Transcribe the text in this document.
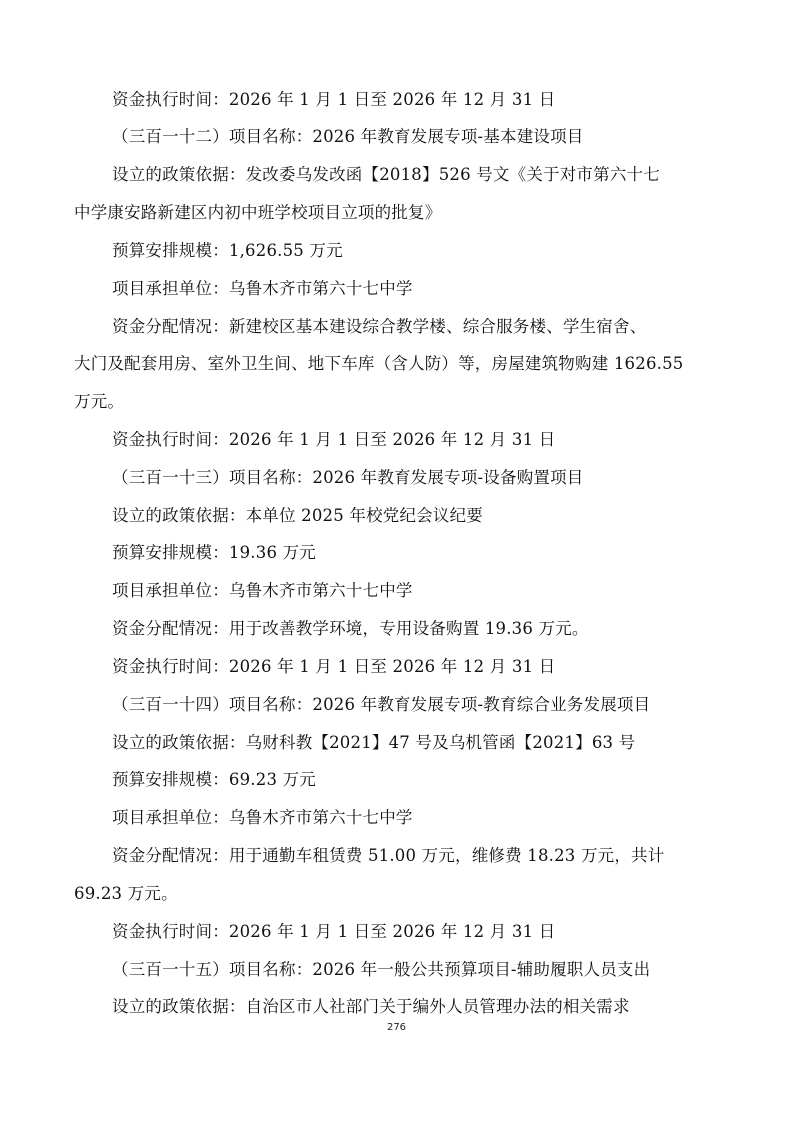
资金执行时间：2026 年 1 月 1 日至 2026 年 12 月 31 日
（三百一十二）项目名称：2026 年教育发展专项-基本建设项目
设立的政策依据：发改委乌发改函【2018】526 号文《关于对市第六十七
中学康安路新建区内初中班学校项目立项的批复》
预算安排规模：1,626.55 万元
项目承担单位：乌鲁木齐市第六十七中学
资金分配情况：新建校区基本建设综合教学楼、综合服务楼、学生宿舍、
大门及配套用房、室外卫生间、地下车库（含人防）等，房屋建筑物购建 1626.55
万元。
资金执行时间：2026 年 1 月 1 日至 2026 年 12 月 31 日
（三百一十三）项目名称：2026 年教育发展专项-设备购置项目
设立的政策依据：本单位 2025 年校党纪会议纪要
预算安排规模：19.36 万元
项目承担单位：乌鲁木齐市第六十七中学
资金分配情况：用于改善教学环境，专用设备购置 19.36 万元。
资金执行时间：2026 年 1 月 1 日至 2026 年 12 月 31 日
（三百一十四）项目名称：2026 年教育发展专项-教育综合业务发展项目
设立的政策依据：乌财科教【2021】47 号及乌机管函【2021】63 号
预算安排规模：69.23 万元
项目承担单位：乌鲁木齐市第六十七中学
资金分配情况：用于通勤车租赁费 51.00 万元，维修费 18.23 万元，共计
69.23 万元。
资金执行时间：2026 年 1 月 1 日至 2026 年 12 月 31 日
（三百一十五）项目名称：2026 年一般公共预算项目-辅助履职人员支出
设立的政策依据：自治区市人社部门关于编外人员管理办法的相关需求
276
